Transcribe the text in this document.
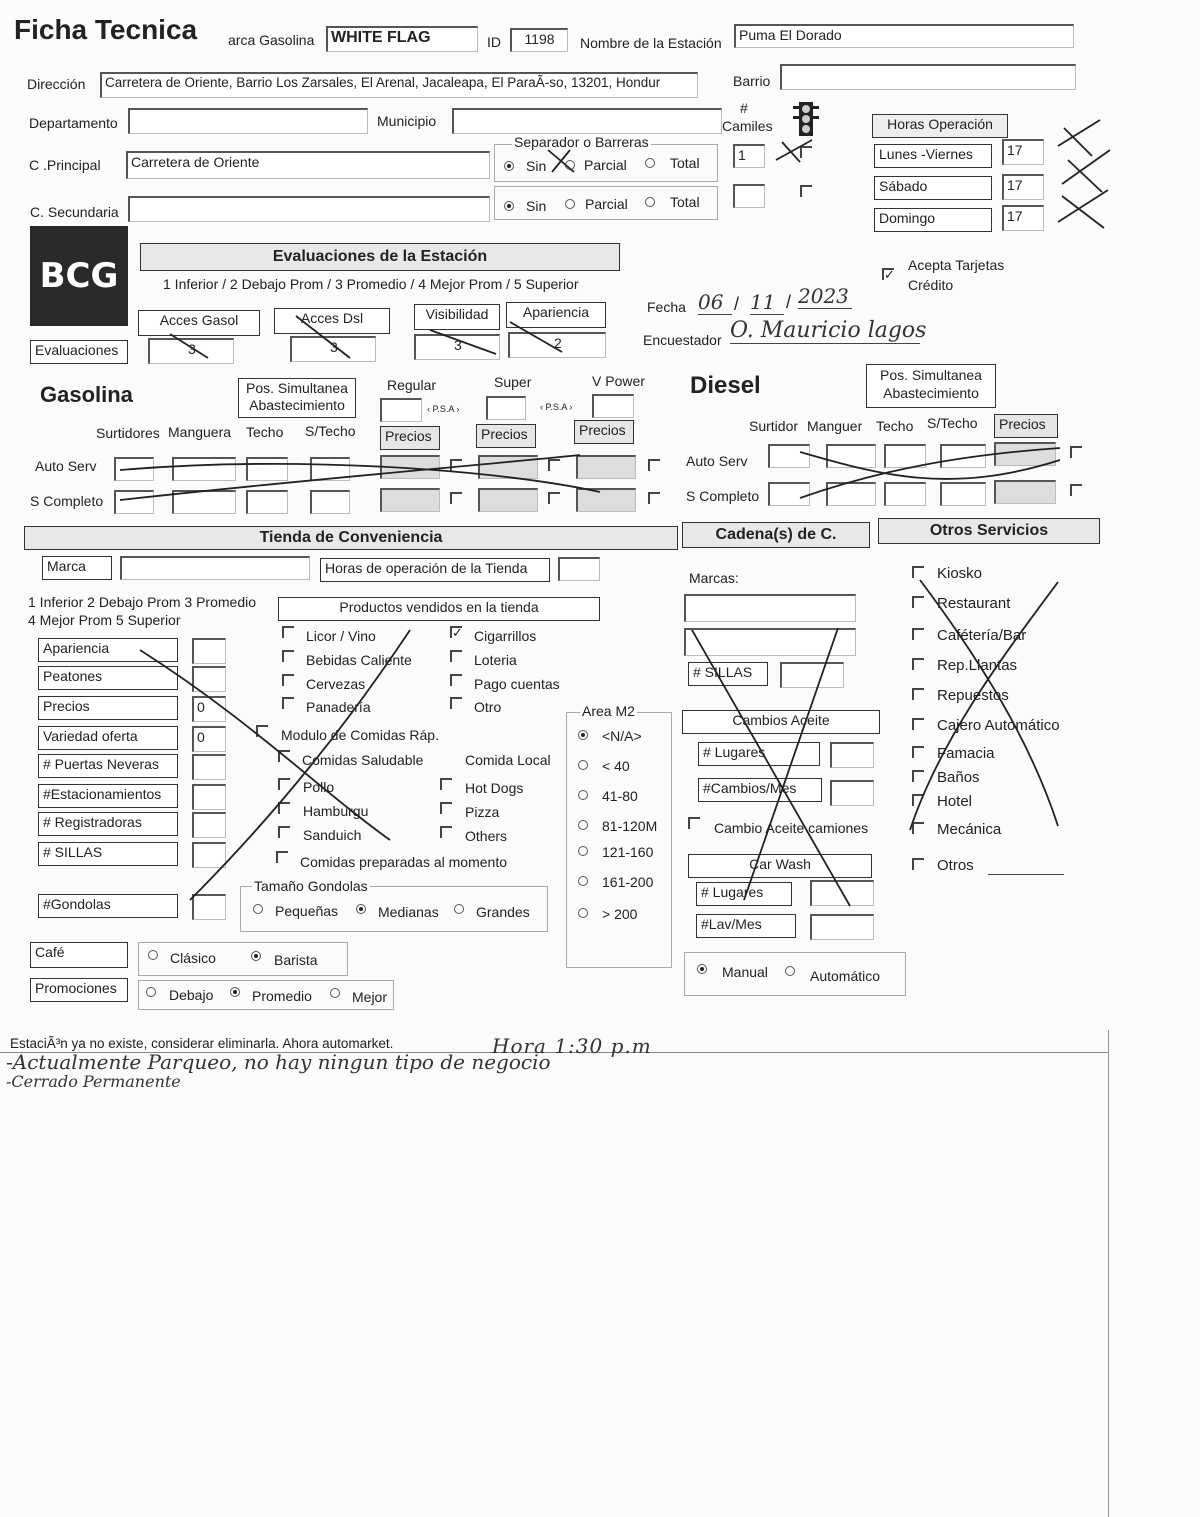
Ficha Tecnica arca Gasolina	WHITE FLAG	ID	1198	Nombre de la Estación	Puma El Dorado
Dirección	Carretera de Oriente, Barrio Los Zarsales, El Arenal, Jacaleapa, El ParaÃ-so, 13201, Hondur	Barrio
Departamento	Municipio
C .Principal	Carretera de Oriente
C. Secundaria
Separador o Barreras
Sin	Parcial	Total
Sin	Parcial	Total
#
Camiles
1
Horas Operación
Lunes -Viernes	17
Sábado	17
Domingo	17
BCG	Evaluaciones de la Estación
1 Inferior / 2 Debajo Prom / 3 Promedio / 4 Mejor Prom / 5 Superior
Evaluaciones
Acces Gasol
3
Acces Dsl
3
Visibilidad
3
Apariencia
2
✓
Acepta Tarjetas
Crédito
Fecha 06 / 11 / 2023
Encuestador O. Mauricio lagos
Gasolina	Pos. Simultanea
Abastecimiento
Regular	Super	V Power
‹ P.S.A ›	‹ P.S.A ›
Surtidores Manguera Techo S/Techo	Precios	Precios	Precios
Auto Serv
S Completo
Diesel	Pos. Simultanea
Abastecimiento
Surtidor Manguer Techo S/Techo	Precios
Auto Serv
S Completo
Tienda de Conveniencia	Cadena(s) de C.	Otros Servicios
Marca	Horas de operación de la Tienda
1 Inferior 2 Debajo Prom 3 Promedio
4 Mejor Prom 5 Superior
Productos vendidos en la tienda
Apariencia
Peatones
Precios	0
Variedad oferta	0
# Puertas Neveras
#Estacionamientos
# Registradoras
# SILLAS
#Gondolas
Licor / Vino
Bebidas Caliente
Cervezas
Panadería
✓ Cigarrillos
Loteria
Pago cuentas
Otro
Modulo de Comidas Ráp.
Comidas Saludable	Comida Local
Pollo
Hamburgu
Sanduich
Hot Dogs
Pizza
Others
Comidas preparadas al momento
Tamaño Gondolas
Pequeñas	Medianas	Grandes
Café	Clásico	Barista
Promociones	Debajo	Promedio	Mejor
Area M2
<N/A>
< 40
41-80
81-120M
121-160
161-200
> 200
Marcas:
# SILLAS
Cambios Aceite
# Lugares
#Cambios/Mes
Cambio Aceite camiones
Car Wash
# Lugares
#Lav/Mes
Manual	Automático
Kiosko
Restaurant
Cafétería/Bar
Rep.Llantas
Repuestos
Cajero Automático
Famacia
Baños
Hotel
Mecánica
Otros
EstaciÃ³n ya no existe, considerar eliminarla. Ahora automarket.	Hora 1:30 p.m
-Actualmente Parqueo, no hay ningun tipo de negocio
-Cerrado Permanente
